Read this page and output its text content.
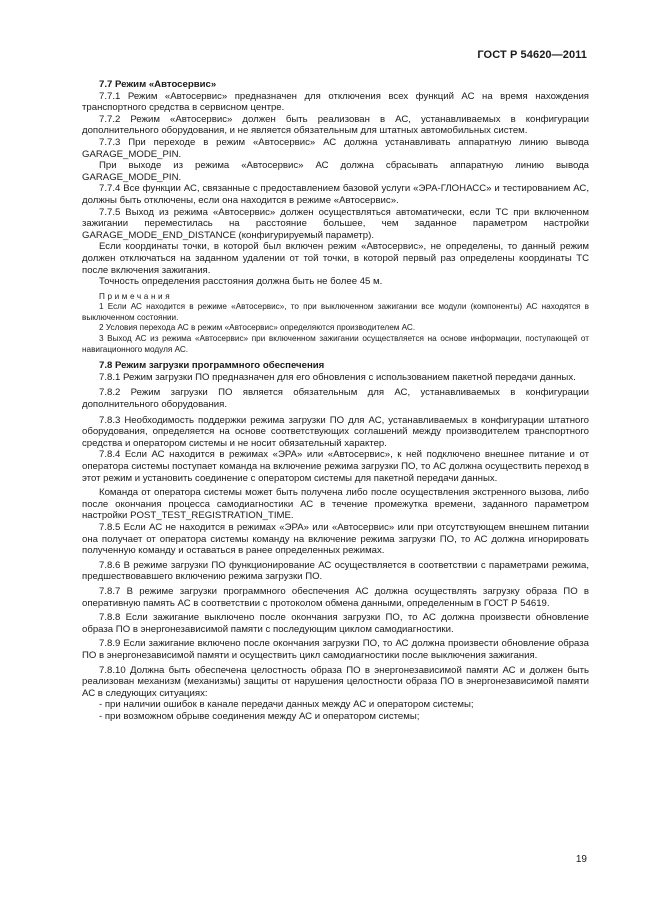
ГОСТ Р 54620—2011
7.7 Режим «Автосервис»

7.7.1 Режим «Автосервис» предназначен для отключения всех функций АС на время нахождения транспортного средства в сервисном центре.

7.7.2 Режим «Автосервис» должен быть реализован в АС, устанавливаемых в конфигурации дополнительного оборудования, и не является обязательным для штатных автомобильных систем.

7.7.3 При переходе в режим «Автосервис» АС должна устанавливать аппаратную линию вывода GARAGE_MODE_PIN.

При выходе из режима «Автосервис» АС должна сбрасывать аппаратную линию вывода GARAGE_MODE_PIN.

7.7.4 Все функции АС, связанные с предоставлением базовой услуги «ЭРА-ГЛОНАСС» и тестированием АС, должны быть отключены, если она находится в режиме «Автосервис».

7.7.5 Выход из режима «Автосервис» должен осуществляться автоматически, если ТС при включенном зажигании переместилась на расстояние большее, чем заданное параметром настройки GARAGE_MODE_END_DISTANCE (конфигурируемый параметр).

Если координаты точки, в которой был включен режим «Автосервис», не определены, то данный режим должен отключаться на заданном удалении от той точки, в которой первый раз определены координаты ТС после включения зажигания.

Точность определения расстояния должна быть не более 45 м.

Примечания

1 Если АС находится в режиме «Автосервис», то при выключенном зажигании все модули (компоненты) АС находятся в выключенном состоянии.

2 Условия перехода АС в режим «Автосервис» определяются производителем АС.

3 Выход АС из режима «Автосервис» при включенном зажигании осуществляется на основе информации, поступающей от навигационного модуля АС.

7.8 Режим загрузки программного обеспечения

7.8.1 Режим загрузки ПО предназначен для его обновления с использованием пакетной передачи данных.

7.8.2 Режим загрузки ПО является обязательным для АС, устанавливаемых в конфигурации дополнительного оборудования.

7.8.3 Необходимость поддержки режима загрузки ПО для АС, устанавливаемых в конфигурации штатного оборудования, определяется на основе соответствующих соглашений между производителем транспортного средства и оператором системы и не носит обязательный характер.

7.8.4 Если АС находится в режимах «ЭРА» или «Автосервис», к ней подключено внешнее питание и от оператора системы поступает команда на включение режима загрузки ПО, то АС должна осуществить переход в этот режим и установить соединение с оператором системы для пакетной передачи данных.

Команда от оператора системы может быть получена либо после осуществления экстренного вызова, либо после окончания процесса самодиагностики АС в течение промежутка времени, заданного параметром настройки POST_TEST_REGISTRATION_TIME.

7.8.5 Если АС не находится в режимах «ЭРА» или «Автосервис» или при отсутствующем внешнем питании она получает от оператора системы команду на включение режима загрузки ПО, то АС должна игнорировать полученную команду и оставаться в ранее определенных режимах.

7.8.6 В режиме загрузки ПО функционирование АС осуществляется в соответствии с параметрами режима, предшествовавшего включению режима загрузки ПО.

7.8.7 В режиме загрузки программного обеспечения АС должна осуществлять загрузку образа ПО в оперативную память АС в соответствии с протоколом обмена данными, определенным в ГОСТ Р 54619.

7.8.8 Если зажигание выключено после окончания загрузки ПО, то АС должна произвести обновление образа ПО в энергонезависимой памяти с последующим циклом самодиагностики.

7.8.9 Если зажигание включено после окончания загрузки ПО, то АС должна произвести обновление образа ПО в энергонезависимой памяти и осуществить цикл самодиагностики после выключения зажигания.

7.8.10 Должна быть обеспечена целостность образа ПО в энергонезависимой памяти АС и должен быть реализован механизм (механизмы) защиты от нарушения целостности образа ПО в энергонезависимой памяти АС в следующих ситуациях:

- при наличии ошибок в канале передачи данных между АС и оператором системы;

- при возможном обрыве соединения между АС и оператором системы;

19
